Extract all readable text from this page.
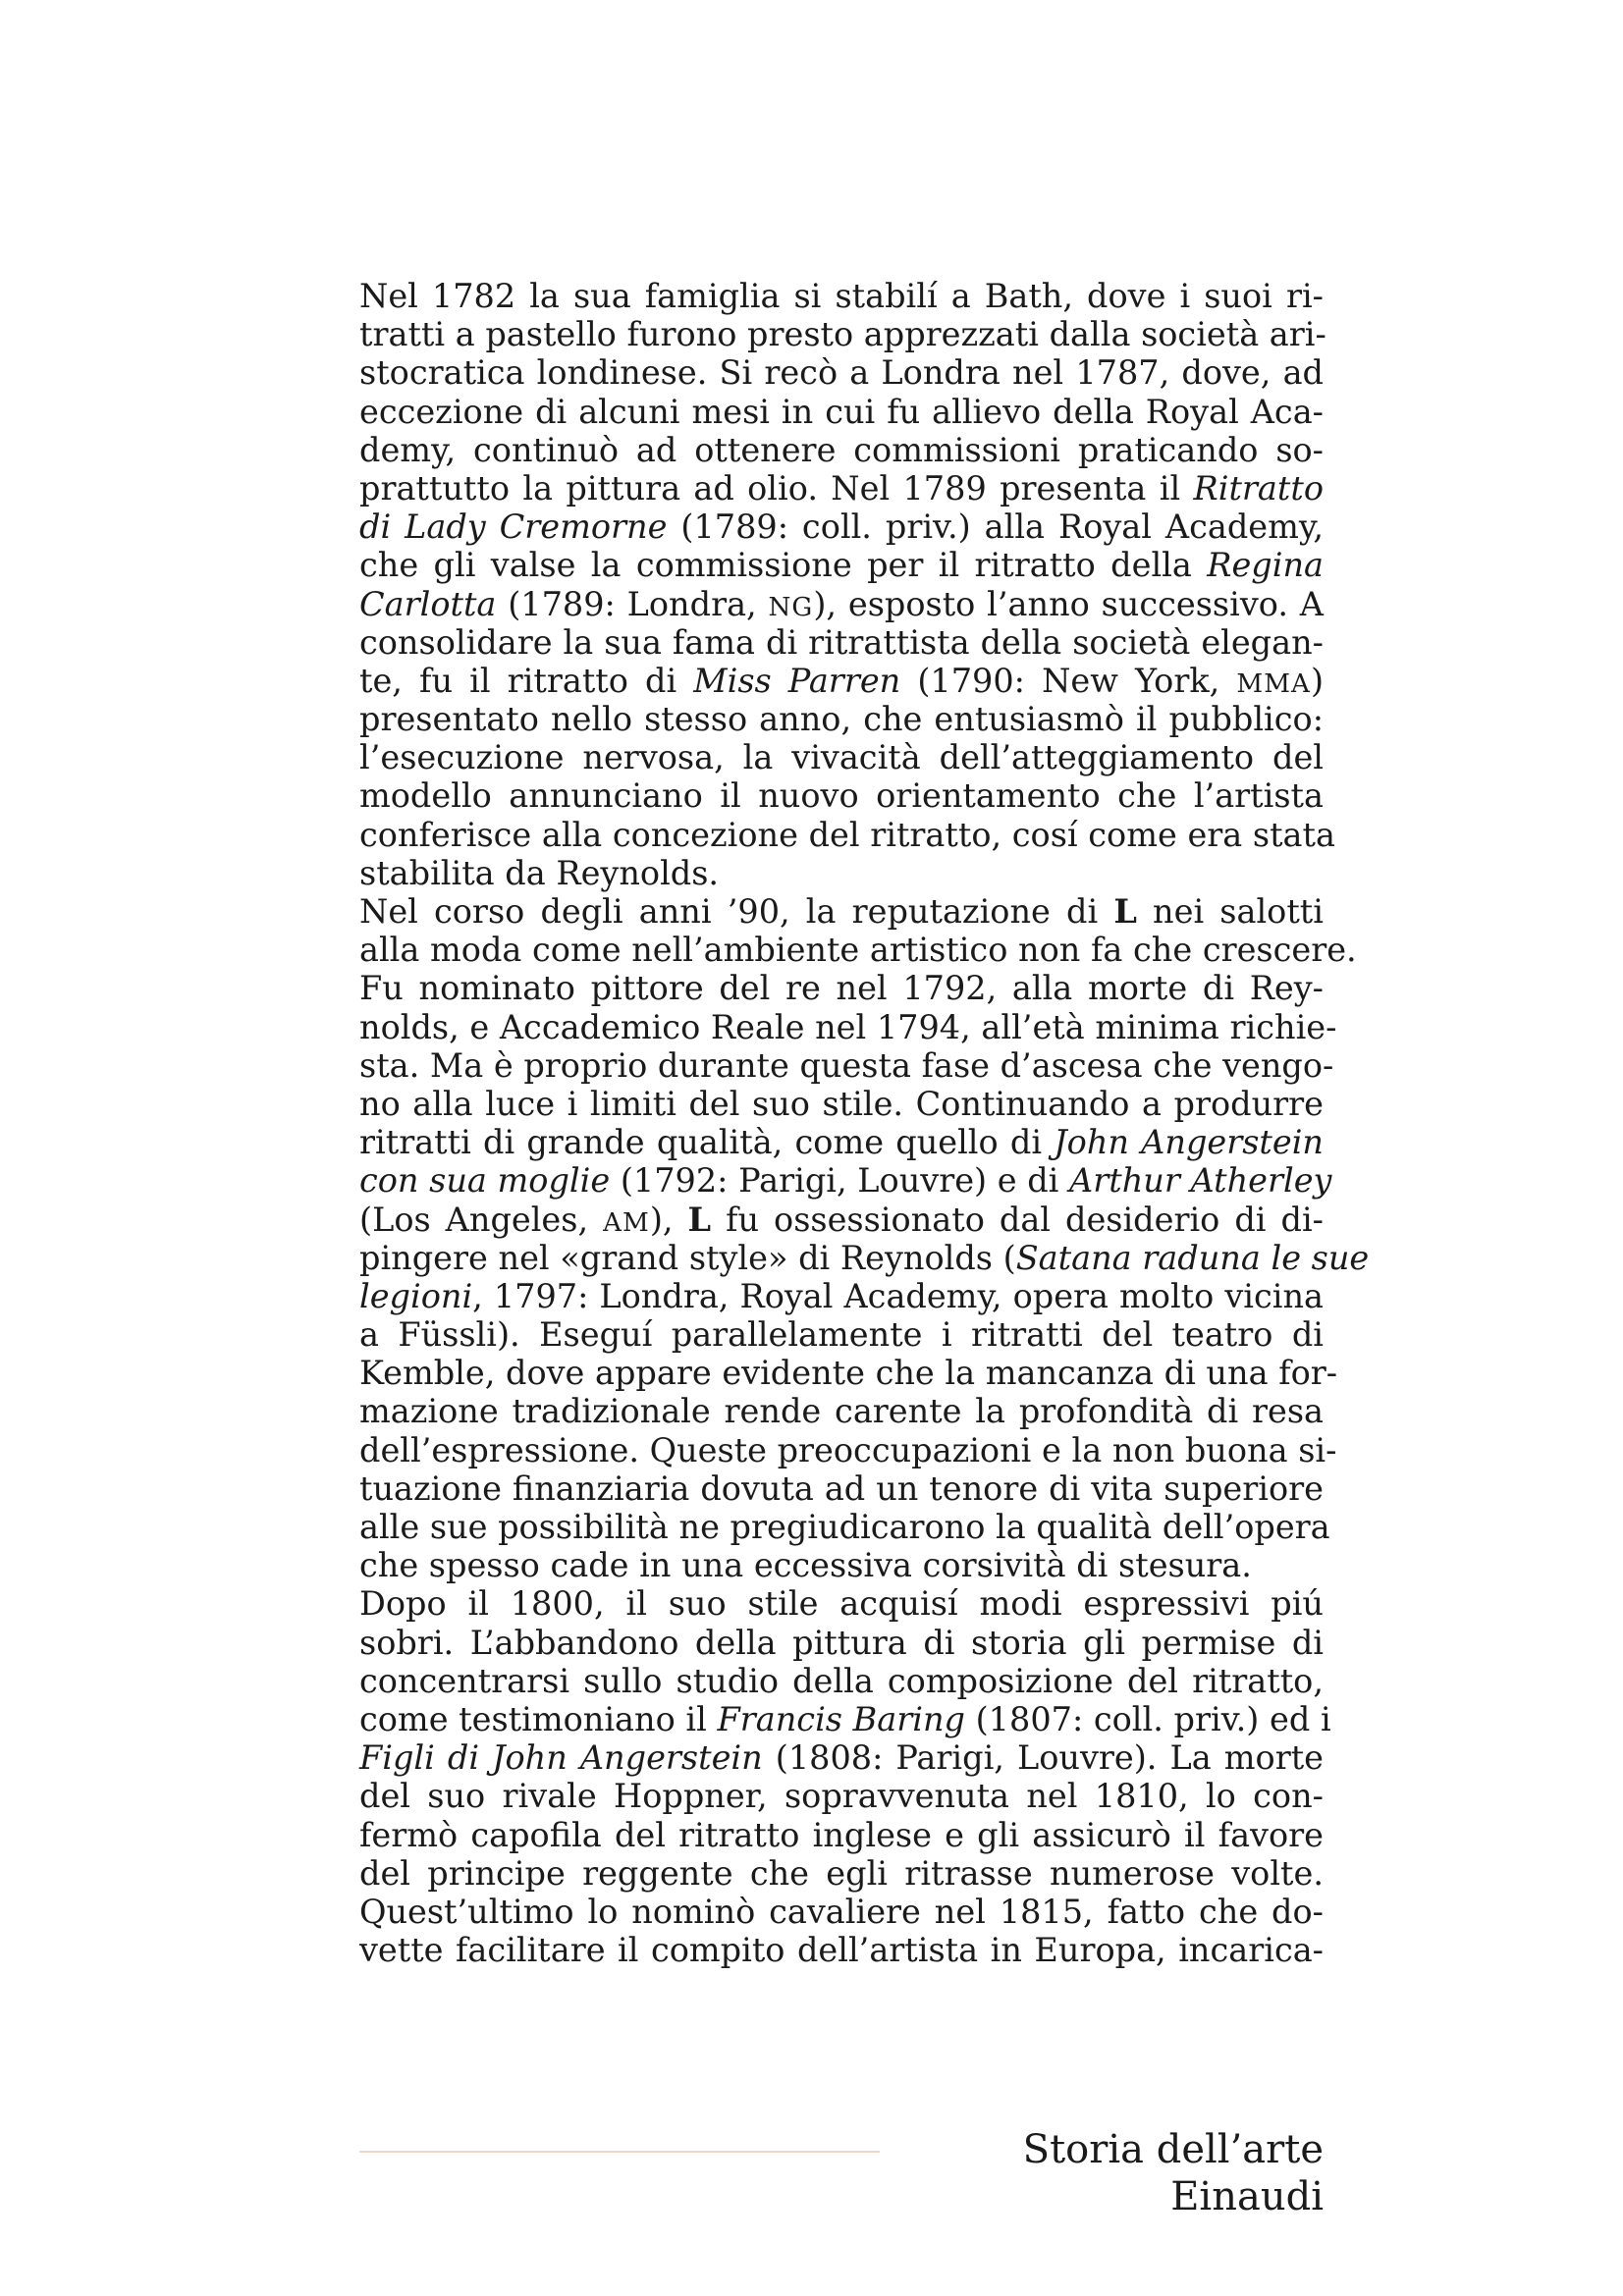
Nel 1782 la sua famiglia si stabilí a Bath, dove i suoi ri-
tratti a pastello furono presto apprezzati dalla società ari-
stocratica londinese. Si recò a Londra nel 1787, dove, ad
eccezione di alcuni mesi in cui fu allievo della Royal Aca-
demy, continuò ad ottenere commissioni praticando so-
prattutto la pittura ad olio. Nel 1789 presenta il Ritratto
di Lady Cremorne (1789: coll. priv.) alla Royal Academy,
che gli valse la commissione per il ritratto della Regina
Carlotta (1789: Londra, NG), esposto l’anno successivo. A
consolidare la sua fama di ritrattista della società elegan-
te, fu il ritratto di Miss Parren (1790: New York, MMA)
presentato nello stesso anno, che entusiasmò il pubblico:
l’esecuzione nervosa, la vivacità dell’atteggiamento del
modello annunciano il nuovo orientamento che l’artista
conferisce alla concezione del ritratto, cosí come era stata
stabilita da Reynolds.
Nel corso degli anni ’90, la reputazione di L nei salotti
alla moda come nell’ambiente artistico non fa che crescere.
Fu nominato pittore del re nel 1792, alla morte di Rey-
nolds, e Accademico Reale nel 1794, all’età minima richie-
sta. Ma è proprio durante questa fase d’ascesa che vengo-
no alla luce i limiti del suo stile. Continuando a produrre
ritratti di grande qualità, come quello di John Angerstein
con sua moglie (1792: Parigi, Louvre) e di Arthur Atherley
(Los Angeles, AM), L fu ossessionato dal desiderio di di-
pingere nel «grand style» di Reynolds (Satana raduna le sue
legioni, 1797: Londra, Royal Academy, opera molto vicina
a Füssli). Eseguí parallelamente i ritratti del teatro di
Kemble, dove appare evidente che la mancanza di una for-
mazione tradizionale rende carente la profondità di resa
dell’espressione. Queste preoccupazioni e la non buona si-
tuazione finanziaria dovuta ad un tenore di vita superiore
alle sue possibilità ne pregiudicarono la qualità dell’opera
che spesso cade in una eccessiva corsività di stesura.
Dopo il 1800, il suo stile acquisí modi espressivi piú
sobri. L’abbandono della pittura di storia gli permise di
concentrarsi sullo studio della composizione del ritratto,
come testimoniano il Francis Baring (1807: coll. priv.) ed i
Figli di John Angerstein (1808: Parigi, Louvre). La morte
del suo rivale Hoppner, sopravvenuta nel 1810, lo con-
fermò capofila del ritratto inglese e gli assicurò il favore
del principe reggente che egli ritrasse numerose volte.
Quest’ultimo lo nominò cavaliere nel 1815, fatto che do-
vette facilitare il compito dell’artista in Europa, incarica-
Storia dell’arte Einaudi
